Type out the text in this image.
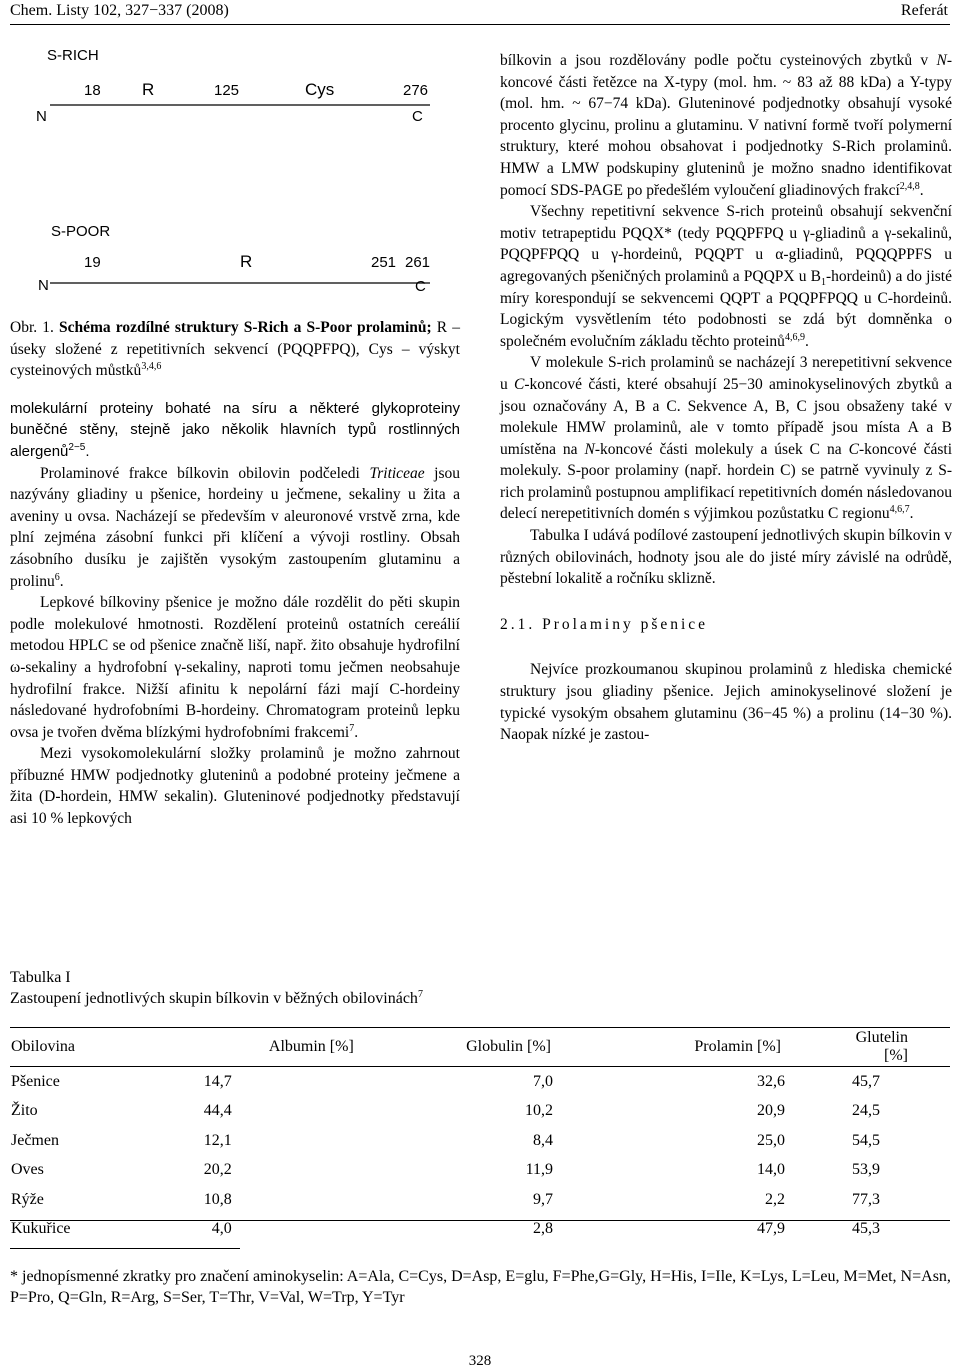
Chem. Listy 102, 327−337 (2008)	Referát
S-RICH
18 R	125	Cys	276
N	C
S-POOR
19	R	251 261
N	C

Obr. 1. Schéma rozdílné struktury S-Rich a S-Poor prolaminů; R – úseky složené z repetitivních sekvencí (PQQPFPQ), Cys – výskyt cysteinových můstků$^{3,4,6}$

molekulární proteiny bohaté na síru a některé glykoproteiny buněčné stěny, stejně jako několik hlavních typů rostlinných alergenů$^{2-5}$.

Prolaminové frakce bílkovin obilovin podčeledi Triticeae jsou nazývány gliadiny u pšenice, hordeiny u ječmene, sekaliny u žita a aveniny u ovsa. Nacházejí se především v aleuronové vrstvě zrna, kde plní zejména zásobní funkci při klíčení a vývoji rostliny. Obsah zásobního dusíku je zajištěn vysokým zastoupením glutaminu a prolinu$^6$.

Lepkové bílkoviny pšenice je možno dále rozdělit do pěti skupin podle molekulové hmotnosti. Rozdělení proteinů ostatních cereálií metodou HPLC se od pšenice značně liší, např. žito obsahuje hydrofilní ω-sekaliny a hydrofobní γ-sekaliny, naproti tomu ječmen neobsahuje hydrofilní frakce. Nižší afinitu k nepolární fázi mají C-hordeiny následované hydrofobními B-hordeiny. Chromatogram proteinů lepku ovsa je tvořen dvěma blízkými hydrofobními frakcemi$^7$.

Mezi vysokomolekulární složky prolaminů je možno zahrnout příbuzné HMW podjednotky gluteninů a podobné proteiny ječmene a žita (D-hordein, HMW sekalin). Gluteninové podjednotky představují asi 10 % lepkových

bílkovin a jsou rozdělovány podle počtu cysteinových zbytků v N-koncové části řetězce na X-typy (mol. hm. ~ 83 až 88 kDa) a Y-typy (mol. hm. ~ 67−74 kDa). Gluteninové podjednotky obsahují vysoké procento glycinu, prolinu a glutaminu. V nativní formě tvoří polymerní struktury, které mohou obsahovat i podjednotky S-Rich prolaminů. HMW a LMW podskupiny gluteninů je možno snadno identifikovat pomocí SDS-PAGE po předešlém vyloučení gliadinových frakcí$^{2,4,8}$.

Všechny repetitivní sekvence S-rich proteinů obsahují sekvenční motiv tetrapeptidu PQQX* (tedy PQQPFPQ u γ-gliadinů a γ-sekalinů, PQQPFPQQ u γ-hordeinů, PQQPT u α-gliadinů, PQQQPPFS u agregovaných pšeničných prolaminů a PQQPX u $B_1-hordeinů$) a do jisté míry korespondují se sekvencemi QQPT a PQQPFPQQ u C-hordeinů. Logickým vysvětlením této podobnosti se zdá být domněnka o společném evolučním základu těchto proteinů$^{4,6,9}$.

V molekule S-rich prolaminů se nacházejí 3 nerepetitivní sekvence u C-koncové části, které obsahují 25−30 aminokyselinových zbytků a jsou označovány A, B a C. Sekvence A, B, C jsou obsaženy také v molekule HMW prolaminů, ale v tomto případě jsou místa A a B umístěna na N-koncové části molekuly a úsek C na C-koncové části molekuly. S-poor prolaminy (např. hordein C) se patrně vyvinuly z S-rich prolaminů postupnou amplifikací repetitivních domén následovanou delecí nerepetitivních domén s výjimkou pozůstatku C regionu$^{4,6,7}$.

Tabulka I udává podílové zastoupení jednotlivých skupin bílkovin v různých obilovinách, hodnoty jsou ale do jisté míry závislé na odrůdě, pěstební lokalitě a ročníku sklizně.

2.1. Prolaminy pšenice

Nejvíce prozkoumanou skupinou prolaminů z hlediska chemické struktury jsou gliadiny pšenice. Jejich aminokyselinové složení je typické vysokým obsahem glutaminu (36−45 %) a prolinu (14−30 %). Naopak nízké je zastou-

Tabulka I
Zastoupení jednotlivých skupin bílkovin v běžných obilovinách$^7$
Obilovina	Albumin [%]	Globulin [%]	Prolamin [%]	Glutelin [%]
Pšenice	14,7	7,0	32,6	45,7
Žito	44,4	10,2	20,9	24,5
Ječmen	12,1	8,4	25,0	54,5
Oves	20,2	11,9	14,0	53,9
Rýže	10,8	9,7	2,2	77,3
Kukuřice	4,0	2,8	47,9	45,3
* jednopísmenné zkratky pro značení aminokyselin: A=Ala, C=Cys, D=Asp, E=glu, F=Phe,G=Gly, H=His, I=Ile, K=Lys, L=Leu, M=Met, N=Asn, P=Pro, Q=Gln, R=Arg, S=Ser, T=Thr, V=Val, W=Trp, Y=Tyr
328
